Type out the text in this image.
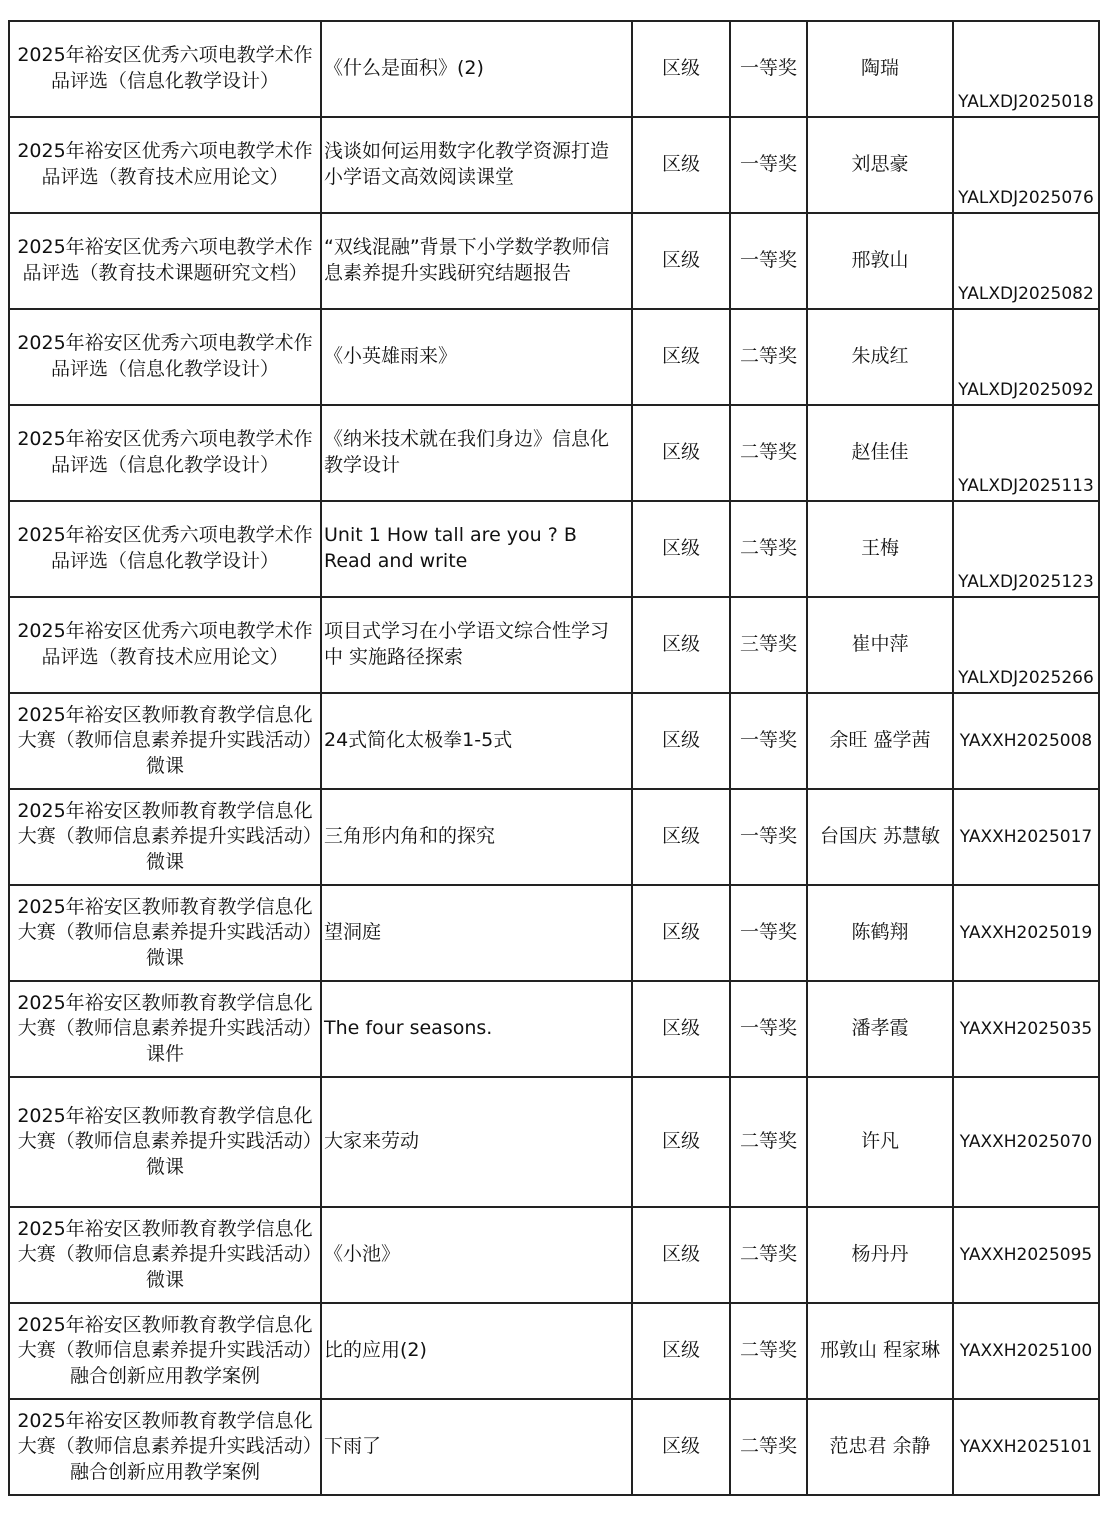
2025年裕安区优秀六项电教学术作品评选（信息化教学设计）	《什么是面积》(2)	区级	一等奖	陶瑞	YALXDJ2025018
2025年裕安区优秀六项电教学术作品评选（教育技术应用论文）	浅谈如何运用数字化教学资源打造小学语文高效阅读课堂	区级	一等奖	刘思豪	YALXDJ2025076
2025年裕安区优秀六项电教学术作品评选（教育技术课题研究文档）	“双线混融”背景下小学数学教师信息素养提升实践研究结题报告	区级	一等奖	邢敦山	YALXDJ2025082
2025年裕安区优秀六项电教学术作品评选（信息化教学设计）	《小英雄雨来》	区级	二等奖	朱成红	YALXDJ2025092
2025年裕安区优秀六项电教学术作品评选（信息化教学设计）	《纳米技术就在我们身边》信息化教学设计	区级	二等奖	赵佳佳	YALXDJ2025113
2025年裕安区优秀六项电教学术作品评选（信息化教学设计）	Unit 1 How tall are you ? B Read and write	区级	二等奖	王梅	YALXDJ2025123
2025年裕安区优秀六项电教学术作品评选（教育技术应用论文）	项目式学习在小学语文综合性学习中 实施路径探索	区级	三等奖	崔中萍	YALXDJ2025266
2025年裕安区教师教育教学信息化大赛（教师信息素养提升实践活动）微课	24式简化太极拳1-5式	区级	一等奖	余旺 盛学茜	YAXXH2025008
2025年裕安区教师教育教学信息化大赛（教师信息素养提升实践活动）微课	三角形内角和的探究	区级	一等奖	台国庆 苏慧敏	YAXXH2025017
2025年裕安区教师教育教学信息化大赛（教师信息素养提升实践活动）微课	望洞庭	区级	一等奖	陈鹤翔	YAXXH2025019
2025年裕安区教师教育教学信息化大赛（教师信息素养提升实践活动）课件	The four seasons.	区级	一等奖	潘孝霞	YAXXH2025035
2025年裕安区教师教育教学信息化大赛（教师信息素养提升实践活动）微课	大家来劳动	区级	二等奖	许凡	YAXXH2025070
2025年裕安区教师教育教学信息化大赛（教师信息素养提升实践活动）微课	《小池》	区级	二等奖	杨丹丹	YAXXH2025095
2025年裕安区教师教育教学信息化大赛（教师信息素养提升实践活动）融合创新应用教学案例	比的应用(2)	区级	二等奖	邢敦山 程家琳	YAXXH2025100
2025年裕安区教师教育教学信息化大赛（教师信息素养提升实践活动）融合创新应用教学案例	下雨了	区级	二等奖	范忠君 余静	YAXXH2025101
